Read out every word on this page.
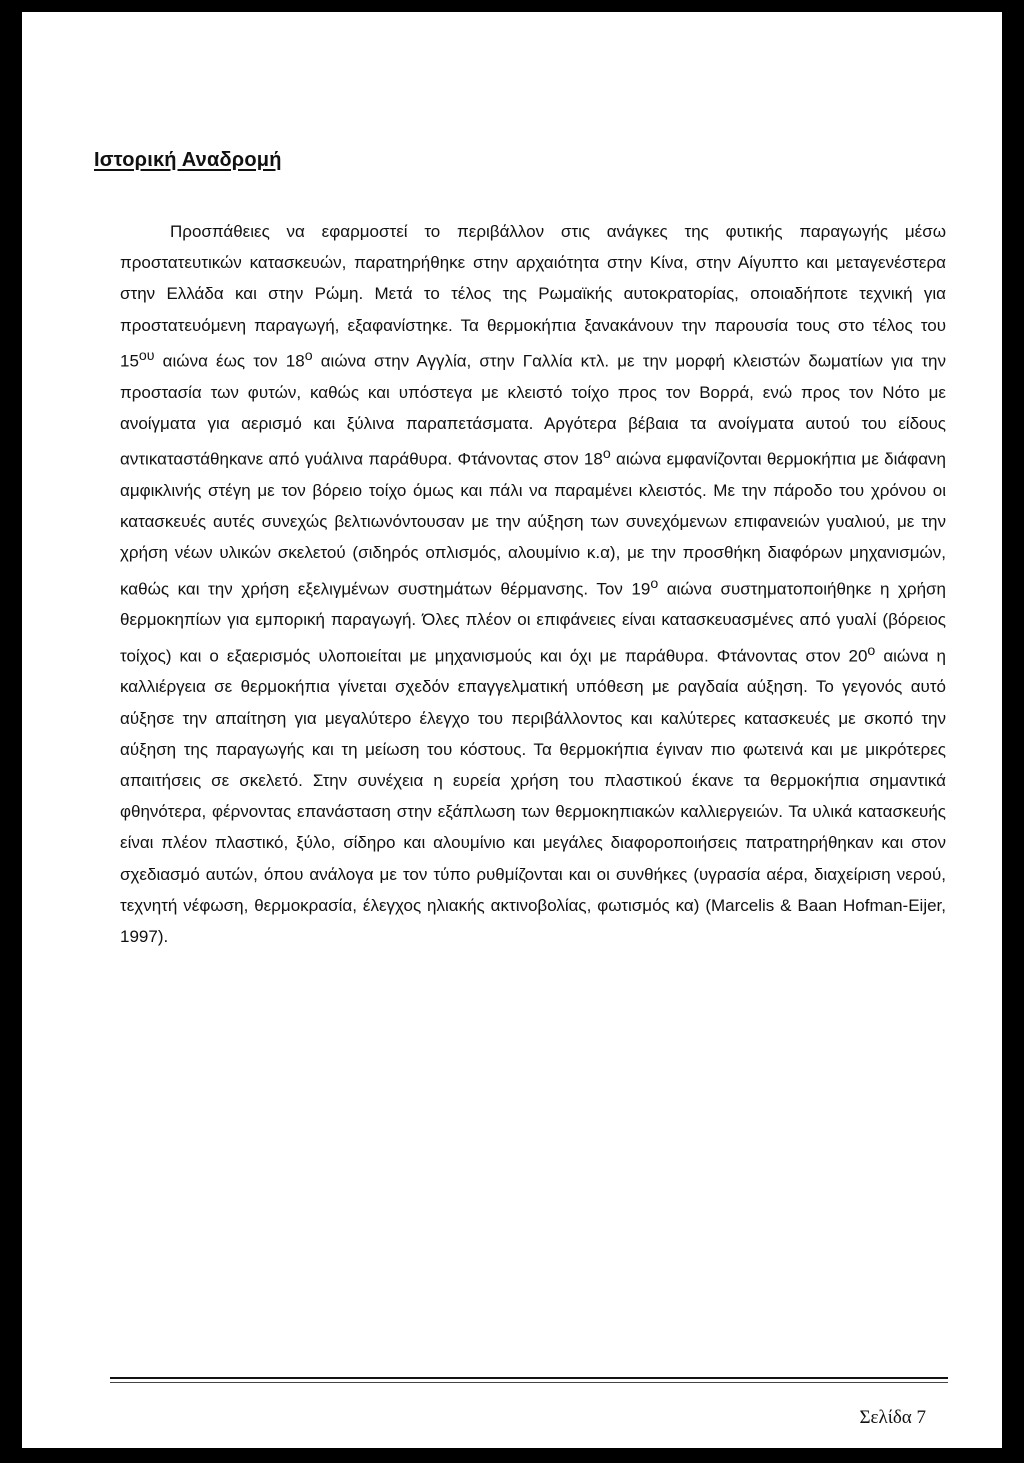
Ιστορική Αναδρομή

Προσπάθειες να εφαρμοστεί το περιβάλλον στις ανάγκες της φυτικής παραγωγής μέσω προστατευτικών κατασκευών, παρατηρήθηκε στην αρχαιότητα στην Κίνα, στην Αίγυπτο και μεταγενέστερα στην Ελλάδα και στην Ρώμη. Μετά το τέλος της Ρωμαϊκής αυτοκρατορίας, οποιαδήποτε τεχνική για προστατευόμενη παραγωγή, εξαφανίστηκε. Τα θερμοκήπια ξανακάνουν την παρουσία τους στο τέλος του $15^{o\upsilon}$ αιώνα έως τον $18^o$ αιώνα στην Αγγλία, στην Γαλλία κτλ. με την μορφή κλειστών δωματίων για την προστασία των φυτών, καθώς και υπόστεγα με κλειστό τοίχο προς τον Βορρά, ενώ προς τον Νότο με ανοίγματα για αερισμό και ξύλινα παραπετάσματα. Αργότερα βέβαια τα ανοίγματα αυτού του είδους αντικαταστάθηκανε από γυάλινα παράθυρα. Φτάνοντας στον $18^o$ αιώνα εμφανίζονται θερμοκήπια με διάφανη αμφικλινής στέγη με τον βόρειο τοίχο όμως και πάλι να παραμένει κλειστός. Με την πάροδο του χρόνου οι κατασκευές αυτές συνεχώς βελτιωνόντουσαν με την αύξηση των συνεχόμενων επιφανειών γυαλιού, με την χρήση νέων υλικών σκελετού (σιδηρός οπλισμός, αλουμίνιο κ.α), με την προσθήκη διαφόρων μηχανισμών, καθώς και την χρήση εξελιγμένων συστημάτων θέρμανσης. Τον $19^o$ αιώνα συστηματοποιήθηκε η χρήση θερμοκηπίων για εμπορική παραγωγή. Όλες πλέον οι επιφάνειες είναι κατασκευασμένες από γυαλί (βόρειος τοίχος) και ο εξαερισμός υλοποιείται με μηχανισμούς και όχι με παράθυρα. Φτάνοντας στον $20^o$ αιώνα η καλλιέργεια σε θερμοκήπια γίνεται σχεδόν επαγγελματική υπόθεση με ραγδαία αύξηση. Το γεγονός αυτό αύξησε την απαίτηση για μεγαλύτερο έλεγχο του περιβάλλοντος και καλύτερες κατασκευές με σκοπό την αύξηση της παραγωγής και τη μείωση του κόστους. Τα θερμοκήπια έγιναν πιο φωτεινά και με μικρότερες απαιτήσεις σε σκελετό. Στην συνέχεια η ευρεία χρήση του πλαστικού έκανε τα θερμοκήπια σημαντικά φθηνότερα, φέρνοντας επανάσταση στην εξάπλωση των θερμοκηπιακών καλλιεργειών. Τα υλικά κατασκευής είναι πλέον πλαστικό, ξύλο, σίδηρο και αλουμίνιο και μεγάλες διαφοροποιήσεις πατρατηρήθηκαν και στον σχεδιασμό αυτών, όπου ανάλογα με τον τύπο ρυθμίζονται και οι συνθήκες (υγρασία αέρα, διαχείριση νερού, τεχνητή νέφωση, θερμοκρασία, έλεγχος ηλιακής ακτινοβολίας, φωτισμός κα) (Marcelis & Baan Hofman-Eijer, 1997).

Σελίδα 7
